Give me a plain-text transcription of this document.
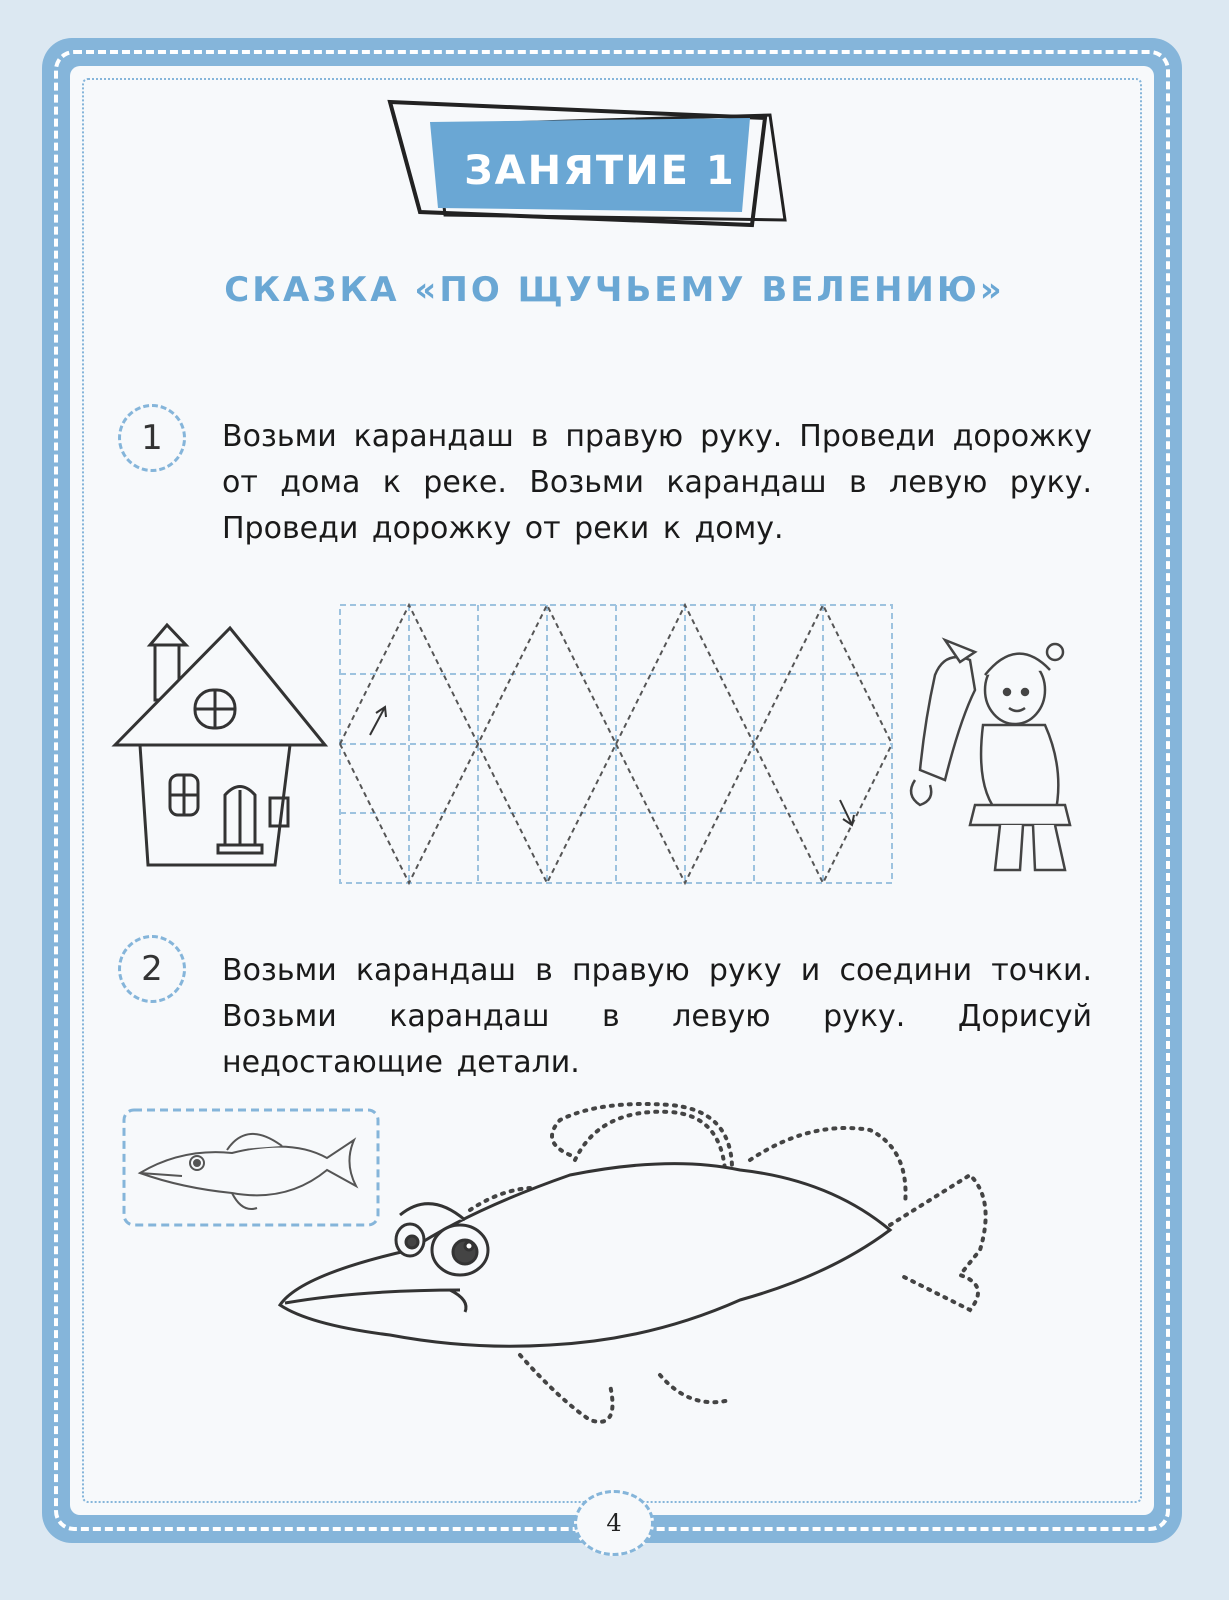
ЗАНЯТИЕ 1
СКАЗКА «ПО ЩУЧЬЕМУ ВЕЛЕНИЮ»
1	Возьми карандаш в правую руку. Проведи дорожку от дома к реке. Возьми карандаш в левую руку. Проведи дорожку от реки к дому.
2	Возьми карандаш в правую руку и соедини точки. Возьми карандаш в левую руку. Дорисуй недостающие детали.
4
